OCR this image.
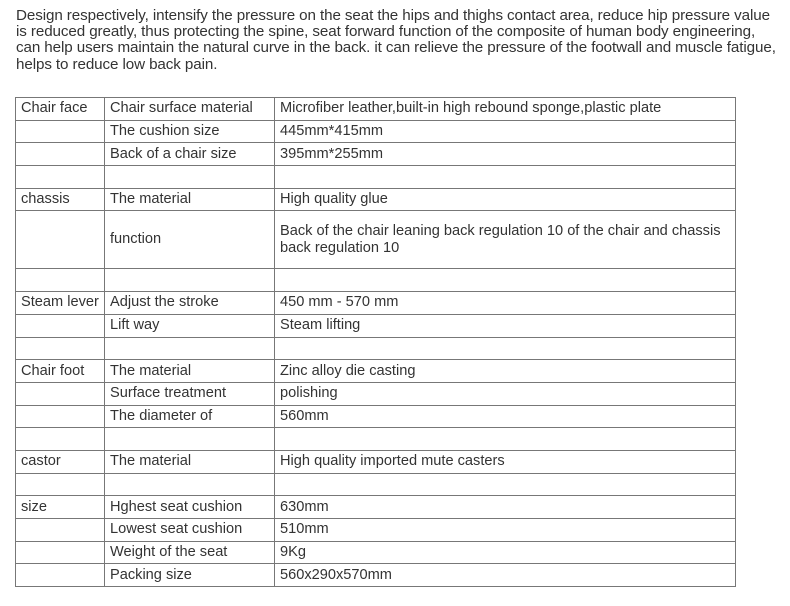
Design respectively, intensify the pressure on the seat the hips and thighs contact area, reduce hip pressure value is reduced greatly, thus protecting the spine, seat forward function of the composite of human body engineering, can help users maintain the natural curve in the back. it can relieve the pressure of the footwall and muscle fatigue, helps to reduce low back pain.
Chair face	Chair surface material	Microfiber leather,built-in high rebound sponge,plastic plate
	The cushion size	445mm*415mm
	Back of a chair size	395mm*255mm

chassis	The material	High quality glue
	function	Back of the chair leaning back regulation 10 of the chair and chassis back regulation 10

Steam lever	Adjust the stroke	450 mm - 570 mm
	Lift way	Steam lifting

Chair foot	The material	Zinc alloy die casting
	Surface treatment	polishing
	The diameter of	560mm

castor	The material	High quality imported mute casters

size	Hghest seat cushion	630mm
	Lowest seat cushion	510mm
	Weight of the seat	9Kg
	Packing size	560x290x570mm
